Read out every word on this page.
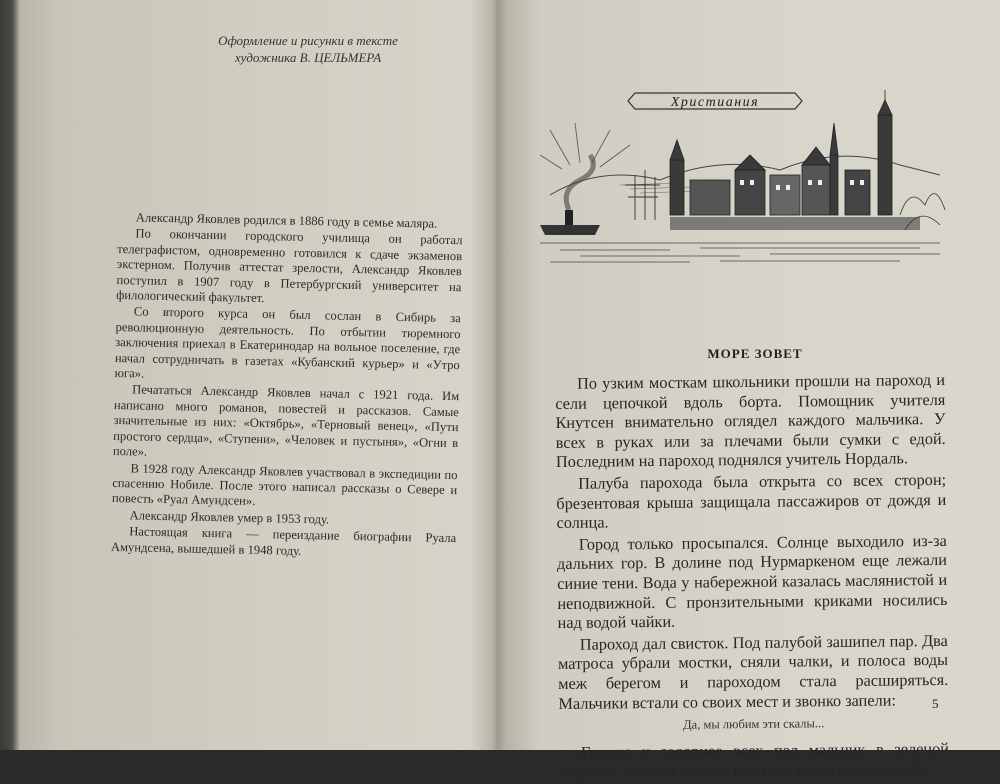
Оформление и рисунки в тексте
художника В. ЦЕЛЬМЕРА

Александр Яковлев родился в 1886 году в семье маляра.

По окончании городского училища он работал телеграфистом, одновременно готовился к сдаче экзаменов экстерном. Получив аттестат зрелости, Александр Яковлев поступил в 1907 году в Петербургский университет на филологический факультет.

Со второго курса он был сослан в Сибирь за революционную деятельность. По отбытии тюремного заключения приехал в Екатеринодар на вольное поселение, где начал сотрудничать в газетах «Кубанский курьер» и «Утро юга».

Печататься Александр Яковлев начал с 1921 года. Им написано много романов, повестей и рассказов. Самые значительные из них: «Октябрь», «Терновый венец», «Пути простого сердца», «Ступени», «Человек и пустыня», «Огни в поле».

В 1928 году Александр Яковлев участвовал в экспедиции по спасению Нобиле. После этого написал рассказы о Севере и повесть «Руал Амундсен».

Александр Яковлев умер в 1953 году.

Настоящая книга — переиздание биографии Руала Амундсена, вышедшей в 1948 году.

Христиания
МОРЕ ЗОВЕТ

По узким мосткам школьники прошли на пароход и сели цепочкой вдоль борта. Помощник учителя Кнутсен внимательно оглядел каждого мальчика. У всех в руках или за плечами были сумки с едой. Последним на пароход поднялся учитель Нордаль.

Палуба парохода была открыта со всех сторон; брезентовая крыша защищала пассажиров от дождя и солнца.

Город только просыпался. Солнце выходило из-за дальних гор. В долине под Нурмаркеном еще лежали синие тени. Вода у набережной казалась маслянистой и неподвижной. С пронзительными криками носились над водой чайки.

Пароход дал свисток. Под палубой зашипел пар. Два матроса убрали мостки, сняли чалки, и полоса воды меж берегом и пароходом стала расширяться. Мальчики встали со своих мест и звонко запели:

Да, мы любим эти скалы...

Громче и задорнее всех пел мальчик в зеленой куртке и зеленой шляпе. Кнутсен кивал мальчику го-

5
